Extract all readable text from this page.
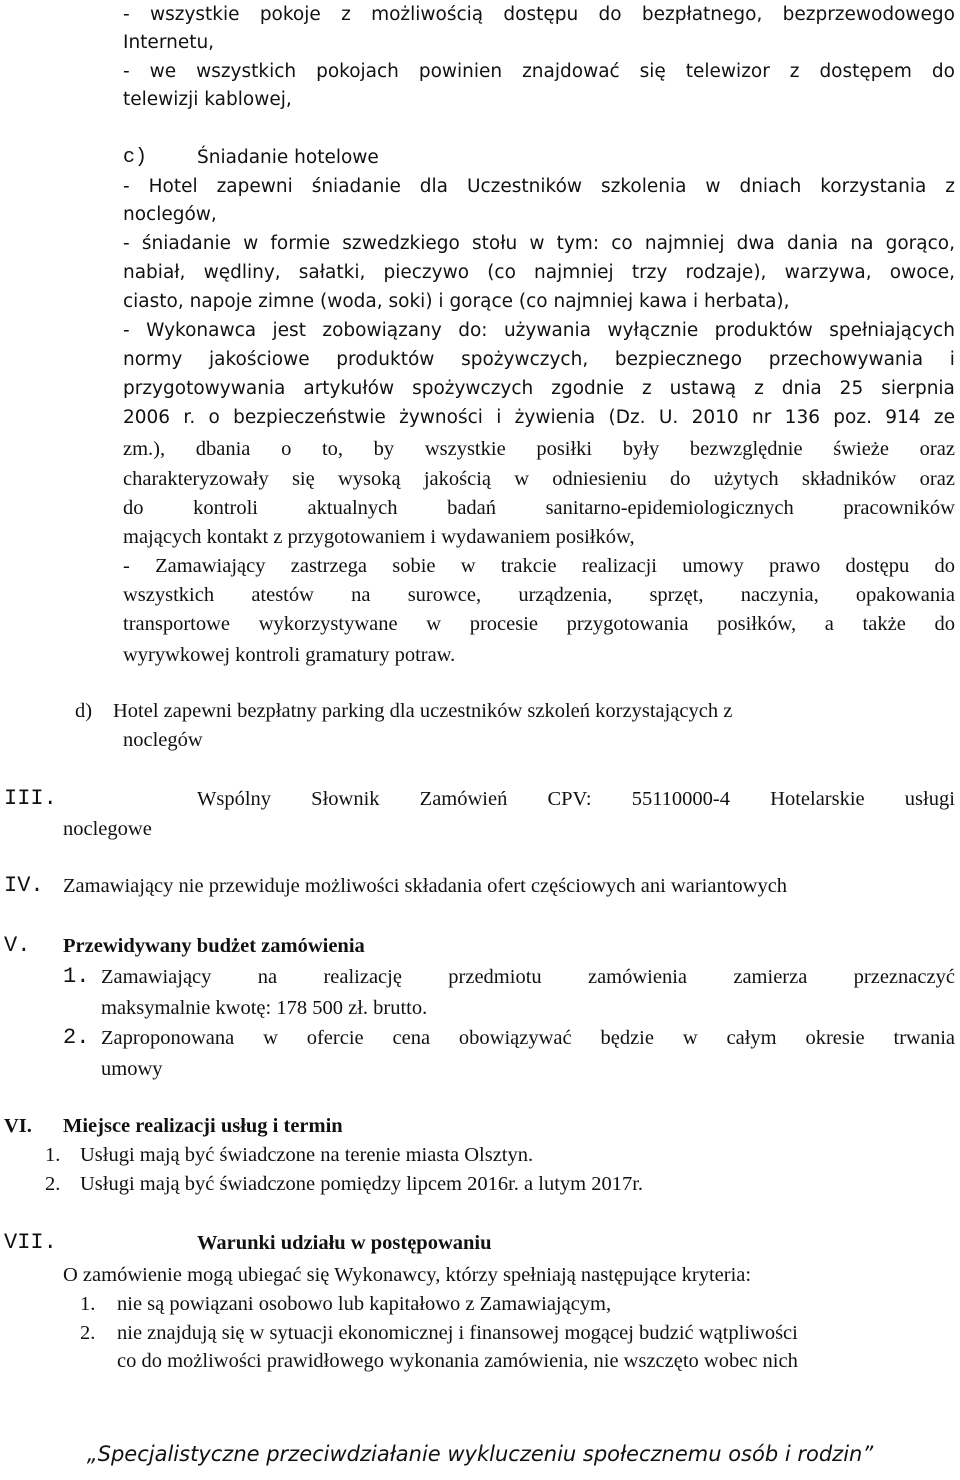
- wszystkie pokoje z możliwością dostępu do bezpłatnego, bezprzewodowego
Internetu,
- we wszystkich pokojach powinien znajdować się telewizor z dostępem do
telewizji kablowej,
c)	Śniadanie hotelowe
- Hotel zapewni śniadanie dla Uczestników szkolenia w dniach korzystania z
noclegów,
- śniadanie w formie szwedzkiego stołu w tym: co najmniej dwa dania na gorąco,
nabiał, wędliny, sałatki, pieczywo (co najmniej trzy rodzaje), warzywa, owoce,
ciasto, napoje zimne (woda, soki) i gorące (co najmniej kawa i herbata),
- Wykonawca jest zobowiązany do: używania wyłącznie produktów spełniających
normy jakościowe produktów spożywczych, bezpiecznego przechowywania i
przygotowywania artykułów spożywczych zgodnie z ustawą z dnia 25 sierpnia
2006 r. o bezpieczeństwie żywności i żywienia (Dz. U. 2010 nr 136 poz. 914 ze
zm.), dbania o to, by wszystkie posiłki były bezwzględnie świeże oraz
charakteryzowały się wysoką jakością w odniesieniu do użytych składników oraz
do kontroli aktualnych badań sanitarno-epidemiologicznych pracowników
mających kontakt z przygotowaniem i wydawaniem posiłków,
- Zamawiający zastrzega sobie w trakcie realizacji umowy prawo dostępu do
wszystkich atestów na surowce, urządzenia, sprzęt, naczynia, opakowania
transportowe wykorzystywane w procesie przygotowania posiłków, a także do
wyrywkowej kontroli gramatury potraw.
d) Hotel zapewni bezpłatny parking dla uczestników szkoleń korzystających z
noclegów
III.	Wspólny Słownik Zamówień CPV: 55110000-4 Hotelarskie usługi
noclegowe
IV. Zamawiający nie przewiduje możliwości składania ofert częściowych ani wariantowych
V. Przewidywany budżet zamówienia
1. Zamawiający na realizację przedmiotu zamówienia zamierza przeznaczyć
maksymalnie kwotę: 178 500 zł. brutto.
2. Zaproponowana w ofercie cena obowiązywać będzie w całym okresie trwania
umowy
VI. Miejsce realizacji usług i termin
1. Usługi mają być świadczone na terenie miasta Olsztyn.
2. Usługi mają być świadczone pomiędzy lipcem 2016r. a lutym 2017r.
VII.	Warunki udziału w postępowaniu
O zamówienie mogą ubiegać się Wykonawcy, którzy spełniają następujące kryteria:
1. nie są powiązani osobowo lub kapitałowo z Zamawiającym,
2. nie znajdują się w sytuacji ekonomicznej i finansowej mogącej budzić wątpliwości
co do możliwości prawidłowego wykonania zamówienia, nie wszczęto wobec nich
„Specjalistyczne przeciwdziałanie wykluczeniu społecznemu osób i rodzin”
